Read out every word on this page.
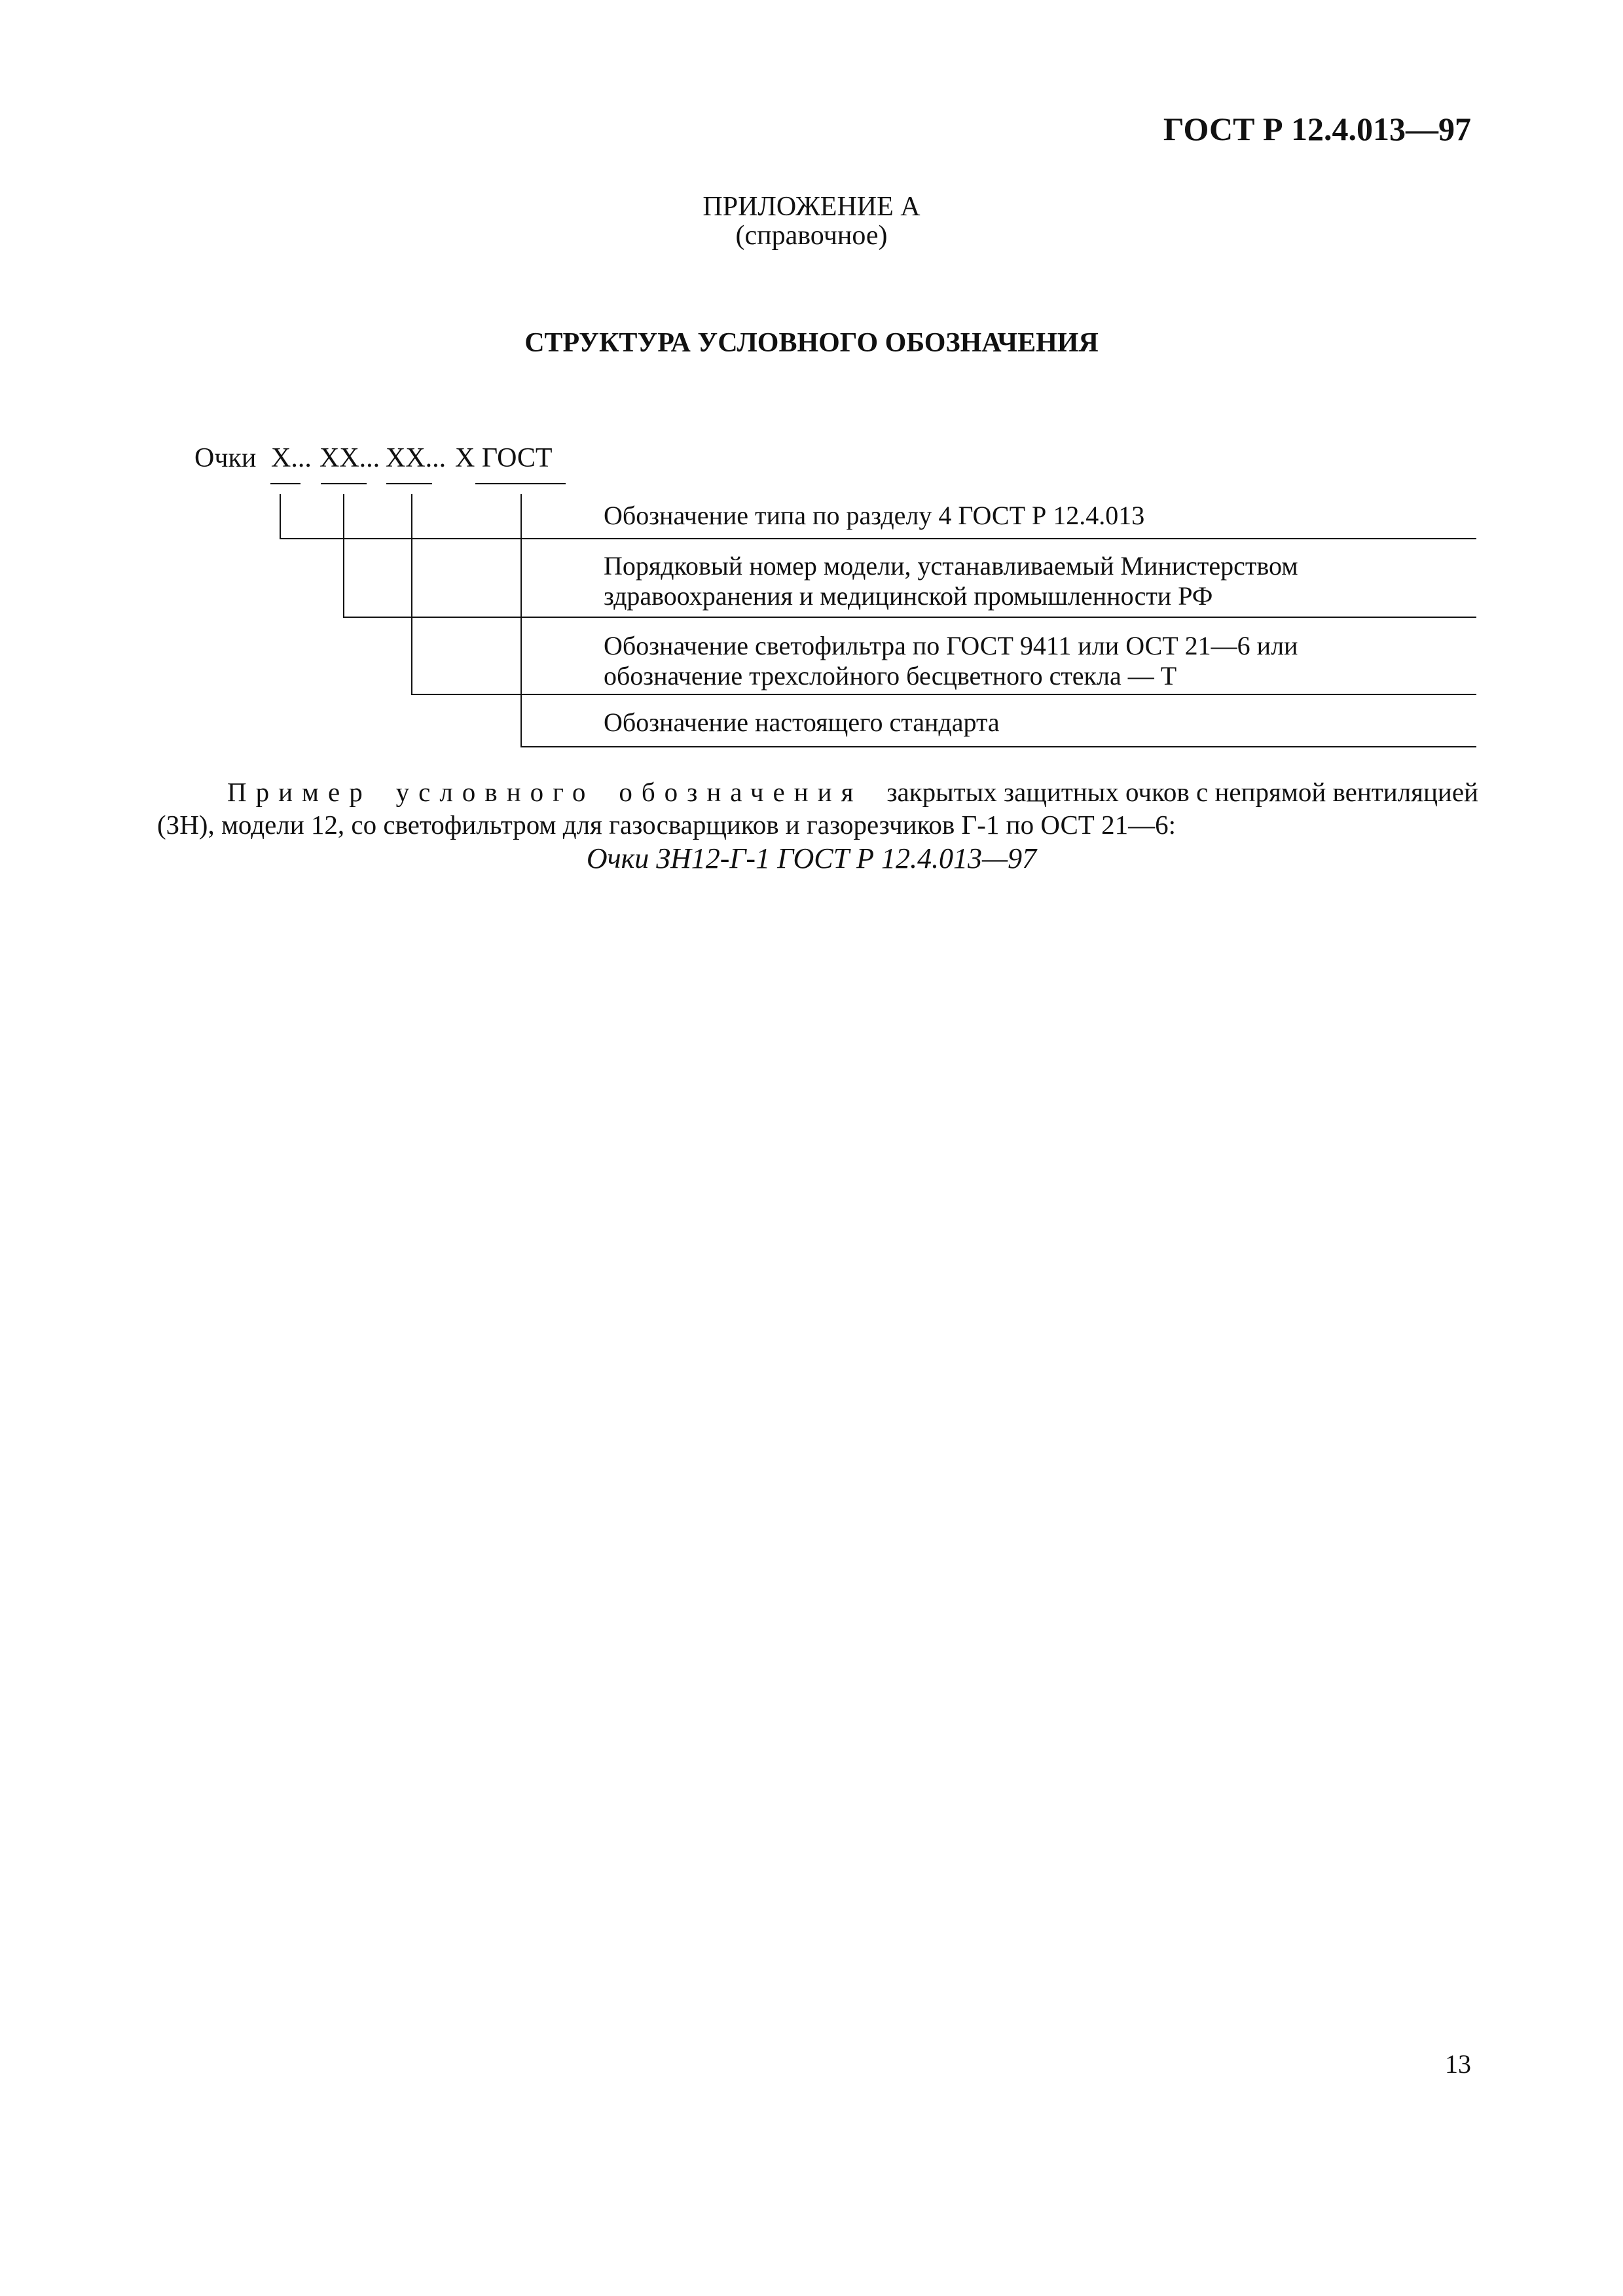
ГОСТ Р 12.4.013—97
ПРИЛОЖЕНИЕ А
(справочное)
СТРУКТУРА УСЛОВНОГО ОБОЗНАЧЕНИЯ
Очки Х... ХХ... ХХ... Х ГОСТ
Обозначение типа по разделу 4 ГОСТ Р 12.4.013
Порядковый номер модели, устанавливаемый Министерством
здравоохранения и медицинской промышленности РФ
Обозначение светофильтра по ГОСТ 9411 или ОСТ 21—6 или
обозначение трехслойного бесцветного стекла — Т
Обозначение настоящего стандарта
Пример условного обозначения закрытых защитных очков с непрямой вентиляцией
(ЗН), модели 12, со светофильтром для газосварщиков и газорезчиков Г-1 по ОСТ 21—6:
Очки ЗН12-Г-1 ГОСТ Р 12.4.013—97
13
